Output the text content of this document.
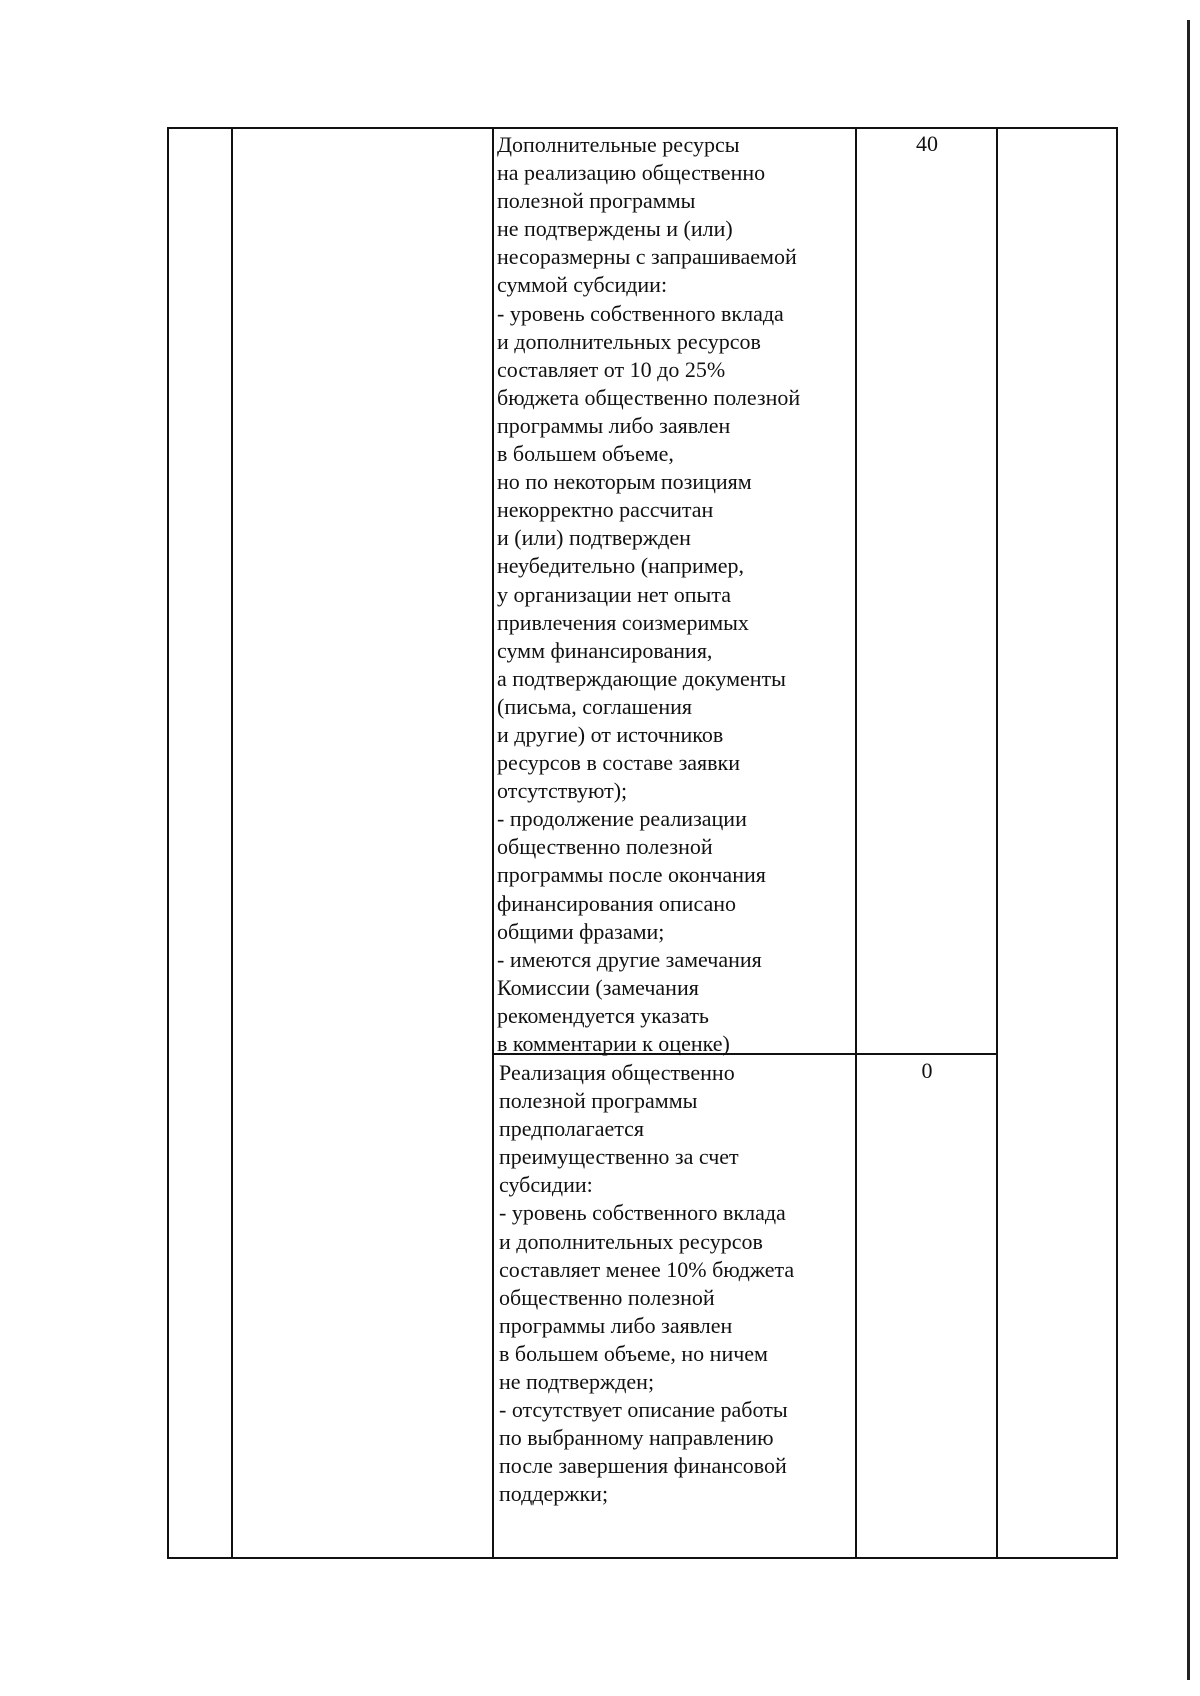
Дополнительные ресурсы
на реализацию общественно
полезной программы
не подтверждены и (или)
несоразмерны с запрашиваемой
суммой субсидии:
- уровень собственного вклада
и дополнительных ресурсов
составляет от 10 до 25%
бюджета общественно полезной
программы либо заявлен
в большем объеме,
но по некоторым позициям
некорректно рассчитан
и (или) подтвержден
неубедительно (например,
у организации нет опыта
привлечения соизмеримых
сумм финансирования,
а подтверждающие документы
(письма, соглашения
и другие) от источников
ресурсов в составе заявки
отсутствуют);
- продолжение реализации
общественно полезной
программы после окончания
финансирования описано
общими фразами;
- имеются другие замечания
Комиссии (замечания
рекомендуется указать
в комментарии к оценке)
40
Реализация общественно
полезной программы
предполагается
преимущественно за счет
субсидии:
- уровень собственного вклада
и дополнительных ресурсов
составляет менее 10% бюджета
общественно полезной
программы либо заявлен
в большем объеме, но ничем
не подтвержден;
- отсутствует описание работы
по выбранному направлению
после завершения финансовой
поддержки;
0
